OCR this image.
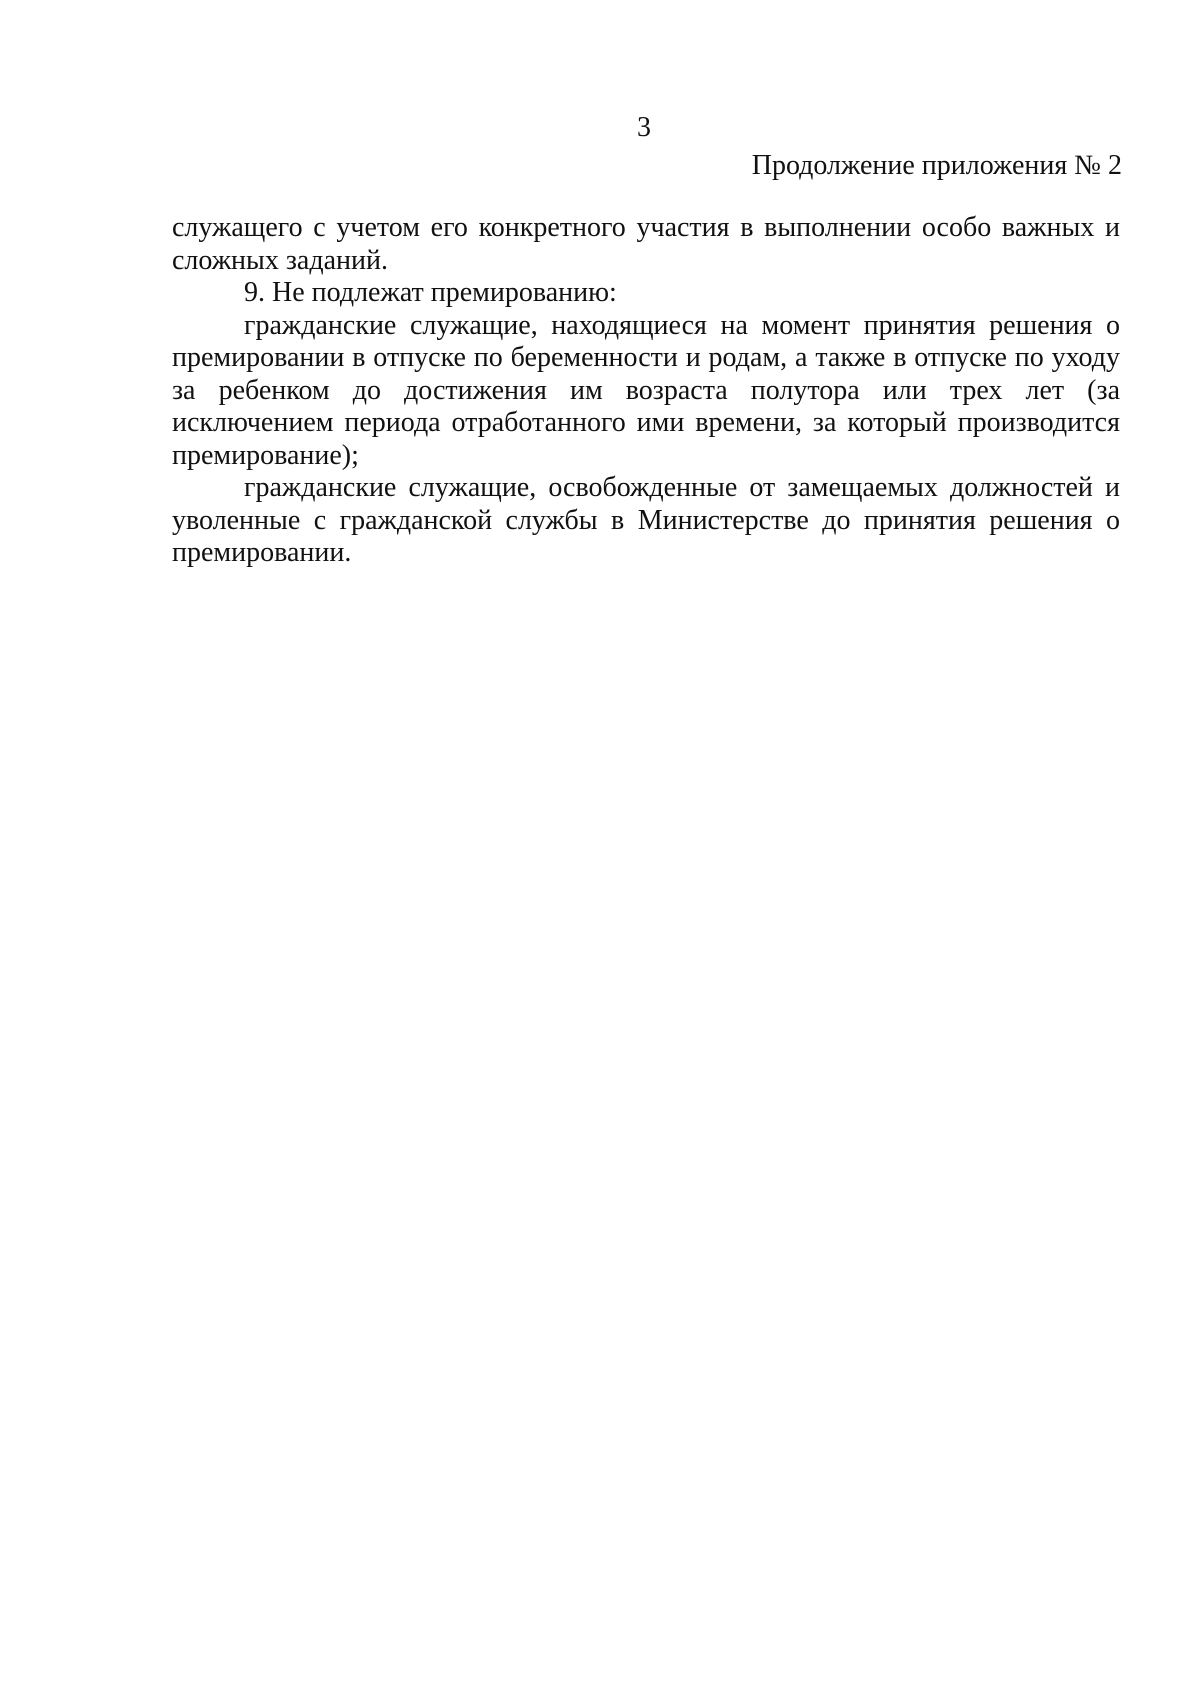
3
Продолжение приложения № 2

служащего с учетом его конкретного участия в выполнении особо важных и сложных заданий.

9. Не подлежат премированию:

гражданские служащие, находящиеся на момент принятия решения о премировании в отпуске по беременности и родам, а также в отпуске по уходу за ребенком до достижения им возраста полутора или трех лет (за исключением периода отработанного ими времени, за который производится премирование);

гражданские служащие, освобожденные от замещаемых должностей и уволенные с гражданской службы в Министерстве до принятия решения о премировании.
